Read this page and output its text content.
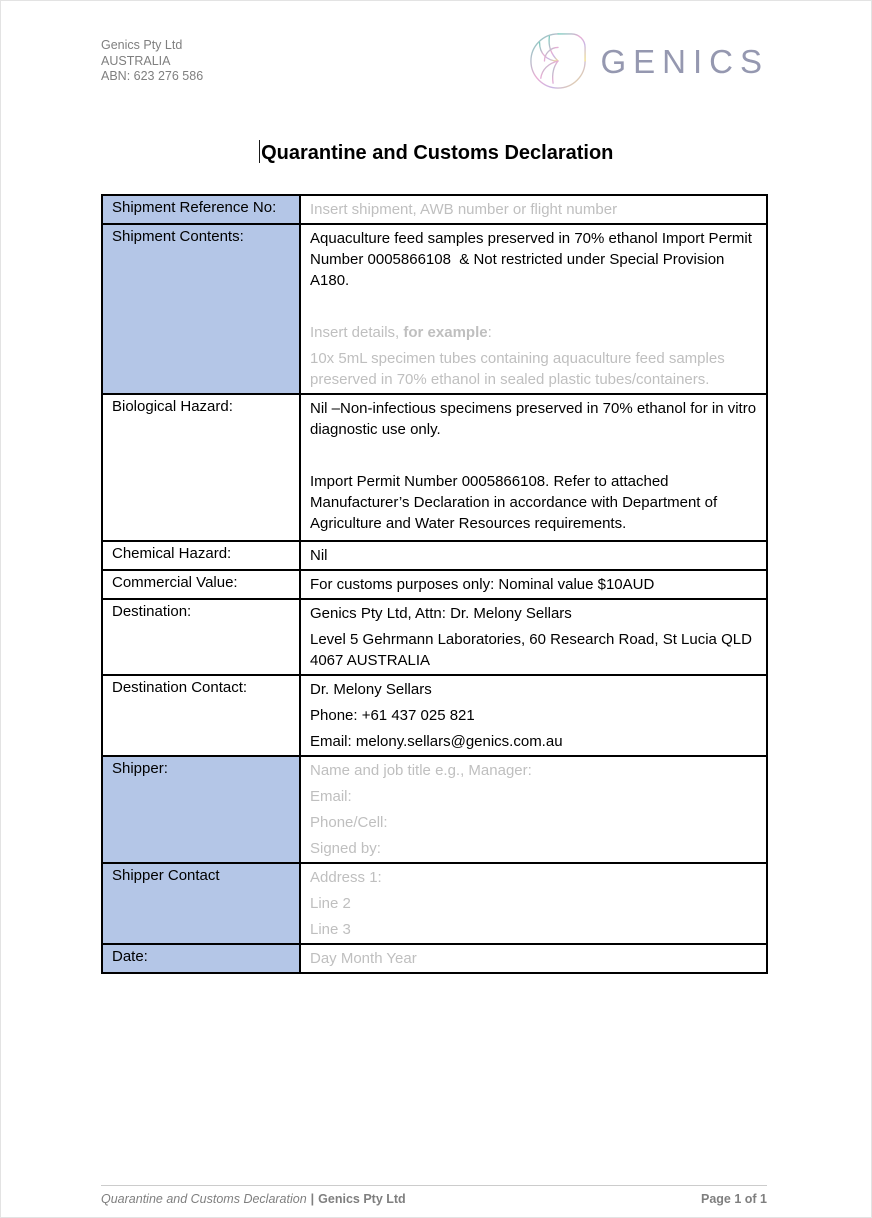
Genics Pty Ltd
AUSTRALIA
ABN: 623 276 586	GENICS
Quarantine and Customs Declaration
Shipment Reference No:	Insert shipment, AWB number or flight number

Shipment Contents:	Aquaculture feed samples preserved in 70% ethanol Import Permit Number 0005866108  & Not restricted under Special Provision A180.
Insert details, for example:
10x 5mL specimen tubes containing aquaculture feed samples preserved in 70% ethanol in sealed plastic tubes/containers.

Biological Hazard:	Nil –Non-infectious specimens preserved in 70% ethanol for in vitro diagnostic use only.
Import Permit Number 0005866108. Refer to attached Manufacturer’s Declaration in accordance with Department of Agriculture and Water Resources requirements.

Chemical Hazard:	Nil

Commercial Value:	For customs purposes only: Nominal value $10AUD

Destination:	Genics Pty Ltd, Attn: Dr. Melony Sellars
Level 5 Gehrmann Laboratories, 60 Research Road, St Lucia QLD 4067 AUSTRALIA

Destination Contact:	Dr. Melony Sellars
Phone: +61 437 025 821
Email: melony.sellars@genics.com.au

Shipper:	Name and job title e.g., Manager:
Email:
Phone/Cell:
Signed by:

Shipper Contact	Address 1:
Line 2
Line 3

Date:	Day Month Year
Quarantine and Customs Declaration | Genics Pty Ltd	Page 1 of 1
